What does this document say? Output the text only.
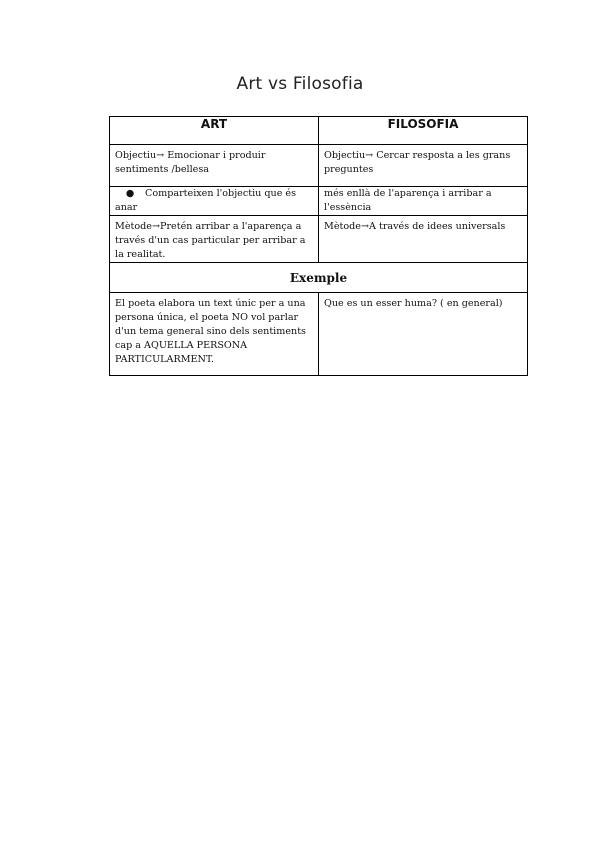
Art vs Filosofia
ART	FILOSOFIA
Objectiu→ Emocionar i produir sentiments /bellesa	Objectiu→ Cercar resposta a les grans preguntes
● Comparteixen l'objectiu que és anar	més enllà de l'aparença i arribar a l'essència
Mètode→Pretén arribar a l'aparença a través d'un cas particular per arribar a la realitat.	Mètode→A través de idees universals
Exemple	
El poeta elabora un text únic per a una persona única, el poeta NO vol parlar d'un tema general sino dels sentiments cap a AQUELLA PERSONA PARTICULARMENT.	Que es un esser huma? ( en general)
